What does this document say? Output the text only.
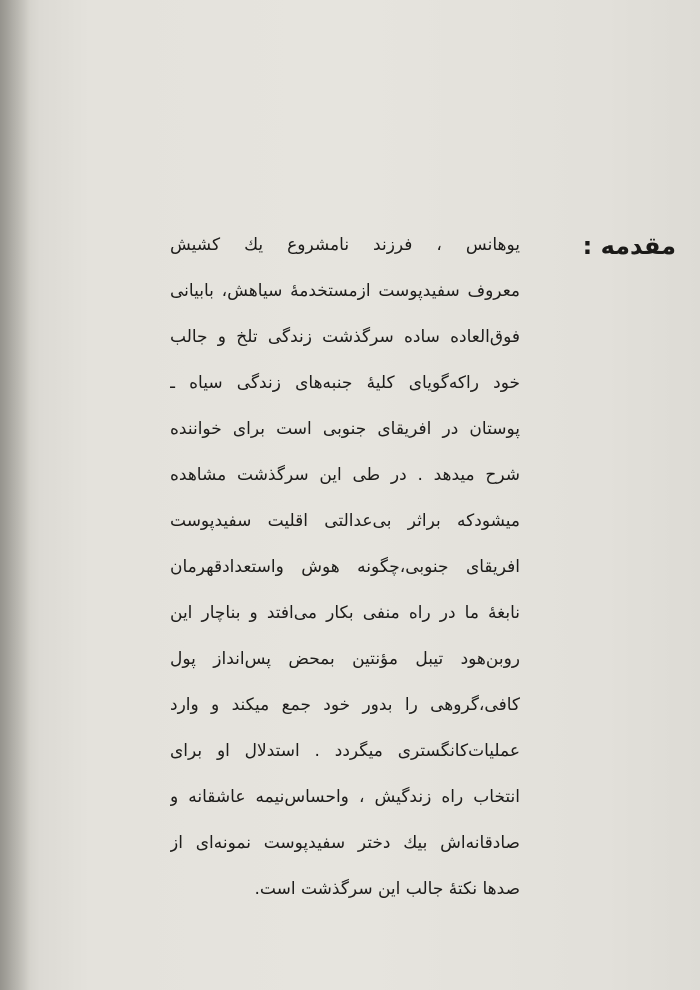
مقدمه :
یوهانس ، فرزند نامشروع یك كشیش
معروف سفیدپوست ازمستخدمهٔ سیاهش، بابیانی
فوق‌العاده ساده سرگذشت زندگی تلخ و جالب
خود راکه‌گویای کلیهٔ جنبه‌های زندگی سیاه ـ
پوستان در افریقای جنوبی است برای خواننده
شرح میدهد . در طی این سرگذشت مشاهده
میشودکه براثر بی‌عدالتی اقلیت سفیدپوست
افریقای جنوبی،چگونه هوش واستعدادقهرمان
نابغهٔ ما در راه منفی بکار می‌افتد و بناچار این
روبن‌هود تیبل مؤنتین بمحض پس‌انداز پول
کافی،گروهی را بدور خود جمع میکند و وارد
عملیات‌کانگستری میگردد . استدلال او برای
انتخاب راه زندگیش ، واحساس‌نیمه عاشقانه و
صادقانه‌اش بیك دختر سفیدپوست نمونه‌ای از
صدها نکتهٔ جالب این سرگذشت است.
